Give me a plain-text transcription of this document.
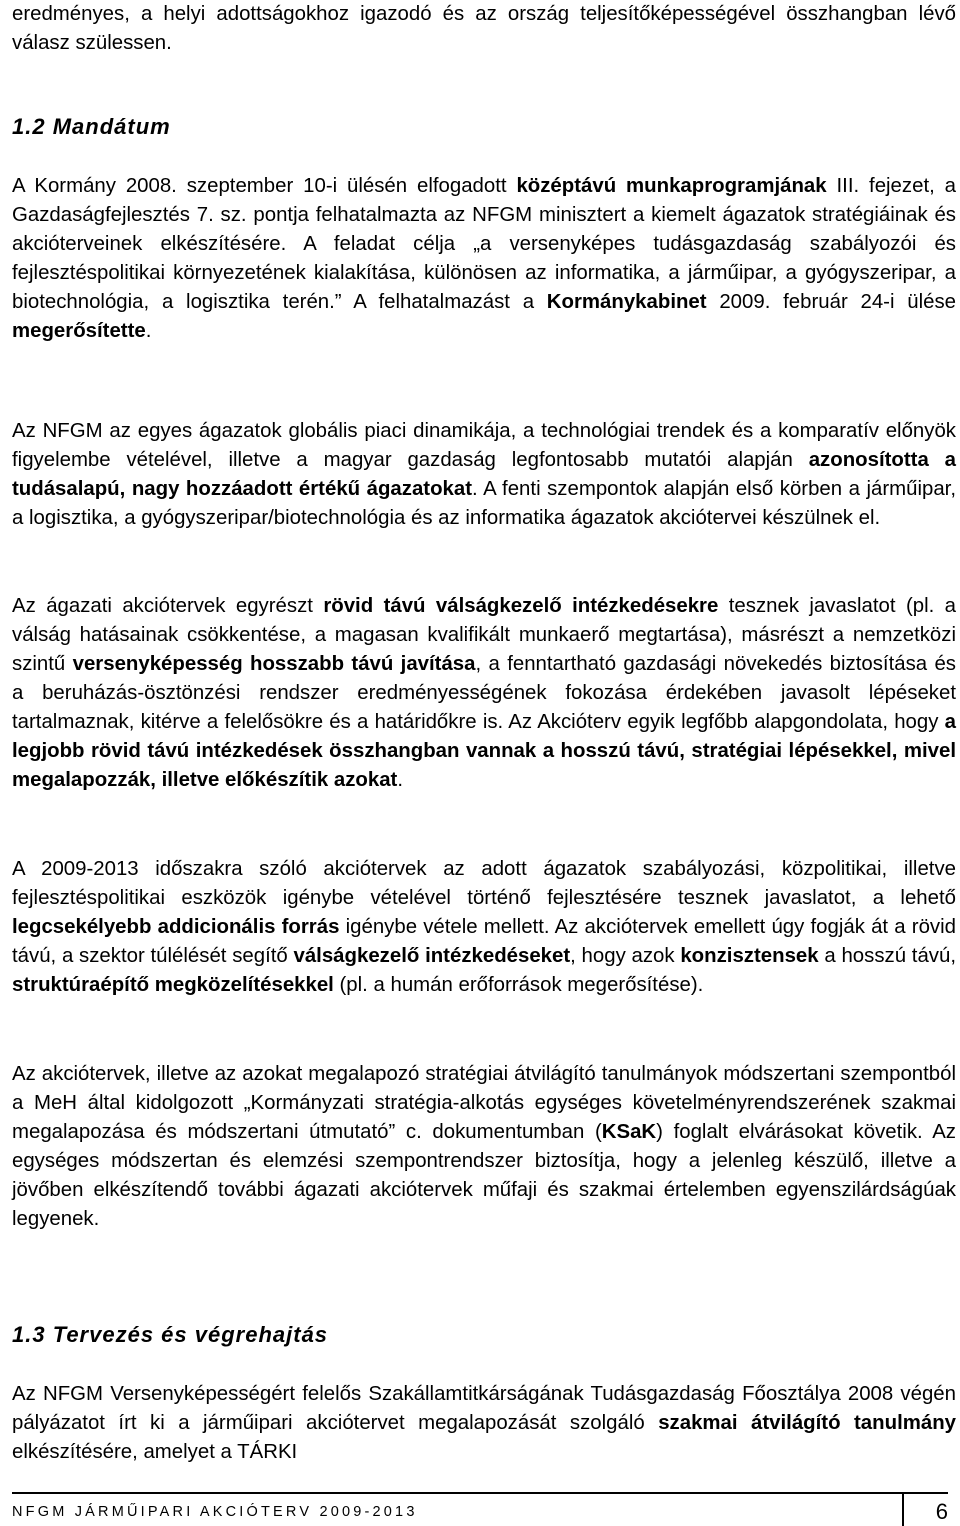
eredményes, a helyi adottságokhoz igazodó és az ország teljesítőképességével összhangban lévő válasz szülessen.

1.2 Mandátum

A Kormány 2008. szeptember 10-i ülésén elfogadott középtávú munkaprogramjának III. fejezet, a Gazdaságfejlesztés 7. sz. pontja felhatalmazta az NFGM minisztert a kiemelt ágazatok stratégiáinak és akcióterveinek elkészítésére. A feladat célja „a versenyképes tudásgazdaság szabályozói és fejlesztéspolitikai környezetének kialakítása, különösen az informatika, a járműipar, a gyógyszeripar, a biotechnológia, a logisztika terén.” A felhatalmazást a Kormánykabinet 2009. február 24-i ülése megerősítette.

Az NFGM az egyes ágazatok globális piaci dinamikája, a technológiai trendek és a komparatív előnyök figyelembe vételével, illetve a magyar gazdaság legfontosabb mutatói alapján azonosította a tudásalapú, nagy hozzáadott értékű ágazatokat. A fenti szempontok alapján első körben a járműipar, a logisztika, a gyógyszeripar/biotechnológia és az informatika ágazatok akciótervei készülnek el.

Az ágazati akciótervek egyrészt rövid távú válságkezelő intézkedésekre tesznek javaslatot (pl. a válság hatásainak csökkentése, a magasan kvalifikált munkaerő megtartása), másrészt a nemzetközi szintű versenyképesség hosszabb távú javítása, a fenntartható gazdasági növekedés biztosítása és a beruházás-ösztönzési rendszer eredményességének fokozása érdekében javasolt lépéseket tartalmaznak, kitérve a felelősökre és a határidőkre is. Az Akcióterv egyik legfőbb alapgondolata, hogy a legjobb rövid távú intézkedések összhangban vannak a hosszú távú, stratégiai lépésekkel, mivel megalapozzák, illetve előkészítik azokat.

A 2009-2013 időszakra szóló akciótervek az adott ágazatok szabályozási, közpolitikai, illetve fejlesztéspolitikai eszközök igénybe vételével történő fejlesztésére tesznek javaslatot, a lehető legcsekélyebb addicionális forrás igénybe vétele mellett. Az akciótervek emellett úgy fogják át a rövid távú, a szektor túlélését segítő válságkezelő intézkedéseket, hogy azok konzisztensek a hosszú távú, struktúraépítő megközelítésekkel (pl. a humán erőforrások megerősítése).

Az akciótervek, illetve az azokat megalapozó stratégiai átvilágító tanulmányok módszertani szempontból a MeH által kidolgozott „Kormányzati stratégia-alkotás egységes követelményrendszerének szakmai megalapozása és módszertani útmutató” c. dokumentumban (KSaK) foglalt elvárásokat követik. Az egységes módszertan és elemzési szempontrendszer biztosítja, hogy a jelenleg készülő, illetve a jövőben elkészítendő további ágazati akciótervek műfaji és szakmai értelemben egyenszilárdságúak legyenek.

1.3 Tervezés és végrehajtás

Az NFGM Versenyképességért felelős Szakállamtitkárságának Tudásgazdaság Főosztálya 2008 végén pályázatot írt ki a járműipari akciótervet megalapozását szolgáló szakmai átvilágító tanulmány elkészítésére, amelyet a TÁRKI

NFGM JÁRMŰIPARI AKCIÓTERV 2009-2013	6
